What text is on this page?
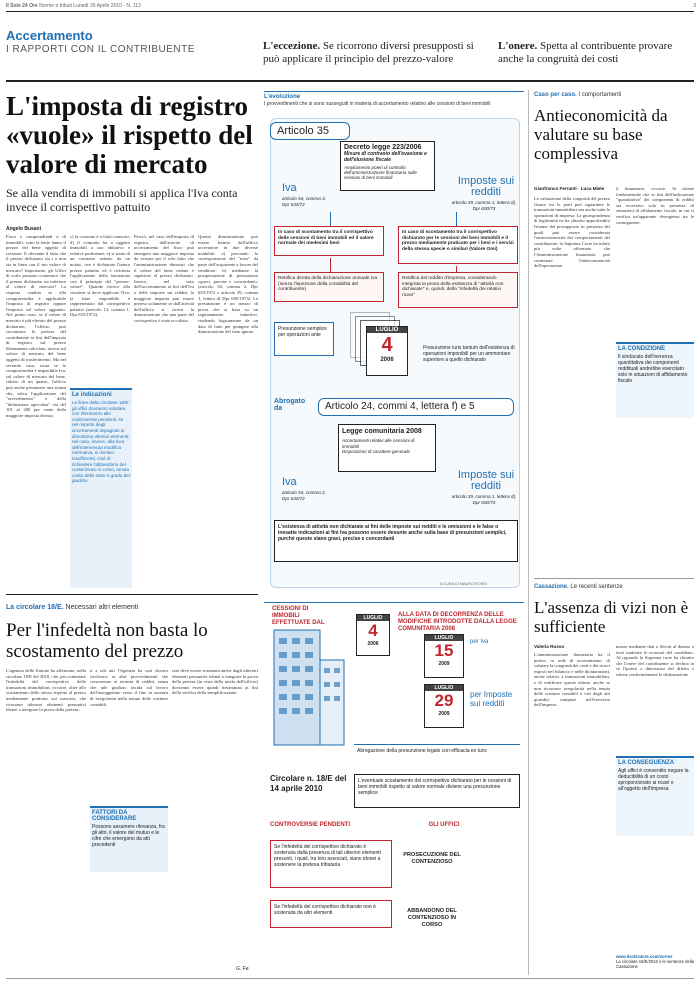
Il Sole 24 Ore Norme e tributi Lunedì 26 Aprile 2010 · N. 113	3
Accertamento
I RAPPORTI CON IL CONTRIBUENTE	L'eccezione. Se ricorrono diversi presupposti si può applicare il principio del prezzo-valore
L'onere. Spetta al contribuente provare anche la congruità dei costi
L'imposta di registro «vuole» il rispetto del valore di mercato
Se alla vendita di immobili si applica l'Iva conta invece il corrispettivo pattuito
Angelo Busani
Fisco e comprenditadi a di immobili: sotto la lente fanno il prezzo del bene oggetto di cessione. E rilevante il fatto che il prezzo dichiarato sia i o non sia in linea con il suo valore di mercato? Importante, gli Uffici di scalo possono contestare che il prezzo dichiarato sia inferiore al valore di mercato? La risposta cambia se alla compravendita è applicabile l'imposta di registro oppure l'imposta sul valore aggiunto. Nel primo caso, se il valore di mercato è più elevato del prezzo dichiarato, l'ufficio può riscontrare la pretesa del contribuente ai fini dell'imposta di registro sul prezzo liberamente calcolata, invece sul valore di mercato del bene oggetto di trasferimento. Ma nel secondo caso, ossia se le compravendita è imponibile Iva, sul valore di mercato del bene, ridotto di un quarto, l'ufficio può anche presumere una stanza che, salva l'applicazione del "ravvedimento" e della "definizione agevolata" via del 101 al 200 per cento della maggiore imposta dovuta.
c) la cessione è a titolo oneroso; d) il contratto ha a oggetto immobili a uso abitativo e relative pertinenze; e) si tratta di un contratto redatto da un notaio, ove è dichiarato l'intero prezzo pattuito ed è richiesta l'applicazione della tassazione con il principio del "prezzo-valore". Quando invece alla cessione si deve applicare l'Iva, la base imponibile è rappresentata dal corrispettivo pattuito (articolo 13, comma 1, Dpr 633/1972).
Perciò, nel caso dell'imposta di registro, dall'attività di accertamento del fisco può emergere una maggiore imposta da versare per il solo fatto che l'amministrazione dimostri che il valore del bene ceduto è superiore al prezzo dichiarato. Invece, nel caso dell'accertamento ai fini dell'Iva o delle imposte sui redditi, la maggiore imposta può essere pretesa solamente se dall'attività dell'ufficio si ricava la dimostrazione che una parte del corrispettivo è stata occultata.
Questa dimostrazione può essere fornita dall'ufficio accertatore in due diverse modalità: a) provando la corresponsione del "nero" da parte dell'acquirente a favore del venditore; b) mediante la prospettazione di presunzioni «gravi, precise e concordanti» (articolo 54, comma 2, Dpr 633/1972 e articolo 39, comma 1, lettera d) Dpr 600/1973). La presunzione è un mezzo di prova che si basa su un ragionamento induttivo, risalendo logicamente da un dato di fatto per giungere alla dimostrazione del fatto ignoto.
Le indicazioni
Le linee della circolare 18/E: gli uffici dovranno valutare, con riferimento alle controversie pendenti, se nel rispetto degli accertamenti impugnati si dimostrino ulteriori elementi; nel caso, invece, alla luce dell'intervenuta modifica normativa, si rivelino insufficienti, cioè di richiedere l'abbandono del contenzioso in corso, tenuto conto dello stato e grado del giudizio.
L'evoluzione
I provvedimenti che si sono susseguiti in materia di accertamento relativo alle cessioni di beni immobili
Articolo 35
Decreto legge 223/2006
Misure di contrasto dell'evasione e dell'elusione fiscale
Ampliamento poteri di controllo dell'amministrazione finanziaria sulle cessioni di beni immobili
Iva
articolo 54, comma 3, Dpr 633/72
Imposte sui redditi
articolo 39, comma 1, lettera d), Dpr 600/73
In caso di scostamento tra il corrispettivo delle cessioni di beni immobili ed il valore normale dei medesimi beni
In caso di scostamento tra il corrispettivo dichiarato per le cessioni dei beni immobili e il prezzo mediamente praticato per i beni e i servizi della stessa specie o similari (Valore Omi)
Rettifica diretta della dichiarazione annuale Iva (senza l'ispezione della contabilità del contribuente)
Rettifica del reddito d'impresa, considerando integrata la prova della esistenza di "attività non dichiarate" e, quindi, della "infedeltà dei relativi ricavi"
Presunzione semplice per operazioni ante
LUGLIO
4
2006
Presunzione iuris tantum dell'esistenza di operazioni imponibili per un ammontare superiore a quello dichiarato
Abrogato da	Articolo 24, commi 4, lettera f) e 5
Legge comunitaria 2008
Accertamenti relativi alle cessioni di immobili
Disposizioni di carattere generale
Iva
articolo 54, comma 2, Dpr 633/72
Imposte sui redditi
articolo 39, comma 1, lettera d), Dpr 600/73
L'esistenza di attività non dichiarate ai fini delle imposte sui redditi e le omissioni e le false o inesatte indicazioni ai fini Iva possono essere desunte anche sulla base di presunzioni semplici, purché queste siano gravi, precise e concordanti
A CURA DI MAURO ROSSI
Caso per caso. I comportamenti
Antieconomicità da valutare su base complessiva
Gianfranco Ferranti · Luca Miele
La valutazione della congruità del prezzo fissato fra le parti può riguardare le transazioni immobiliari ma anche tutte le operazioni di impresa. La giurisprudenza di legittimità ne ha chiarito approfondito l'esame del presupposto in presenza dei quali può essere considerata l'antieconomicità dei comportamenti del contribuente: la Suprema Corte ha infatti più volte affermato che l'Amministrazione finanziaria può contestare l'antieconomicità dell'operazione.
il finanziarie, occorre. Si ritiene fondamentale che ai fini dell'indicazione "quantitativa" dei componenti di redditi sia eccessivo solo in presenza di situazioni di affidamento fiscale, in cui si verifica un'apparente divergenza tra le conseguenze.
LA CONDIZIONE
Il sindacato dell'inerenza quantitativa dei componenti reddituali andrebbe esercitato solo in situazioni di affidamento fiscale
Cassazione. Le recenti sentenze
L'assenza di vizi non è sufficiente
Valeria Russo
L'amministrazione finanziaria ha il potere, in sede di accertamento, di valutare la congruità dei costi e dei ricavi esposti nel bilancio e nelle dichiarazioni, anche relativi a transazioni immobiliari, e di rettificare queste ultime, anche se non ricorrono irregolarità nella tenuta delle scritture contabili o vizi degli atti giuridici compiuti nell'esercizio dell'impresa.
mosse mediante dati o illeciti al denaro a terzi inidoneo le evasioni del contributo. Al riguardo la Suprema corte ha chiarito che l'onere del contribuente si declina in sé l'ipotesi a dimostrare del difetto e ritiene conformemente la dichiarazione.
LA CONSEGUENZA
Agli uffici è consentito negare la deducibilità di un costo sproporzionato ai ricavi o all'oggetto dell'impresa
www.ilsole24ore.com/norme
La circolare 18/E/2010 e le sentenze della Cassazione
La circolare 18/E. Necessari altri elementi
Per l'infedeltà non basta lo scostamento del prezzo
L'agenzia delle Entrate ha affermato, nella circolare 18/E del 2010, che, per contestare l'infedeltà del corrispettivo delle transazioni immobiliari, occorre, oltre allo scostamento dello stesso rispetto al prezzo mediamente praticato sul mercato, che ricorrano ulteriori elementi presuntivi idonei a integrare la prova della pretesa.
ti a tali atti l'Agenzia ha così dovuto rivolversi ai altri provvedimenti che concernono ai termini di redditi, senza che tale giudizio incida sul lavoro dell'assoggettato verso il fine in assenza di irregolarità nella tenuta delle scritture contabili.
FATTORI DA CONSIDERARE
Possono assumere rilevanza, fra gli altri, il valore del mutuo e le cifre che emergono da atti precedenti
rato deve essere sostenuta anche dagli ulteriori elementi presuntivi idonei a integrare la prova della pretesa (in vista della tutela dell'ufficio) dovranno essere quindi riesaminati ai fini della verifica della semplificazione.
G. Fe.
CESSIONI DI IMMOBILI EFFETTUATE DAL
LUGLIO
4
2006
ALLA DATA DI DECORRENZA DELLE MODIFICHE INTRODOTTE DALLA LEGGE COMUNITARIA 2008
LUGLIO
15
2009
per Iva
LUGLIO
29
2009
per Imposte sui redditi
Abrogazione della presunzione legale con efficacia ex tunc
Circolare n. 18/E del 14 aprile 2010
L'eventuale scostamento del corrispettivo dichiarato per le cessioni di beni immobili rispetto al valore normale diviene una presunzione semplice
CONTROVERSIE PENDENTI	GLI UFFICI
Se l'infedeltà del corrispettivo dichiarato è sostenuta dalla presenza di tali ulteriori elementi presunti, i quali, tra loro associati, siano idonei a sostenere la pretesa tributaria
PROSECUZIONE DEL CONTENZIOSO
Se l'infedeltà del corrispettivo dichiarato non è sostenuta da altri elementi	ABBANDONO DEL CONTENZIOSO IN CORSO
